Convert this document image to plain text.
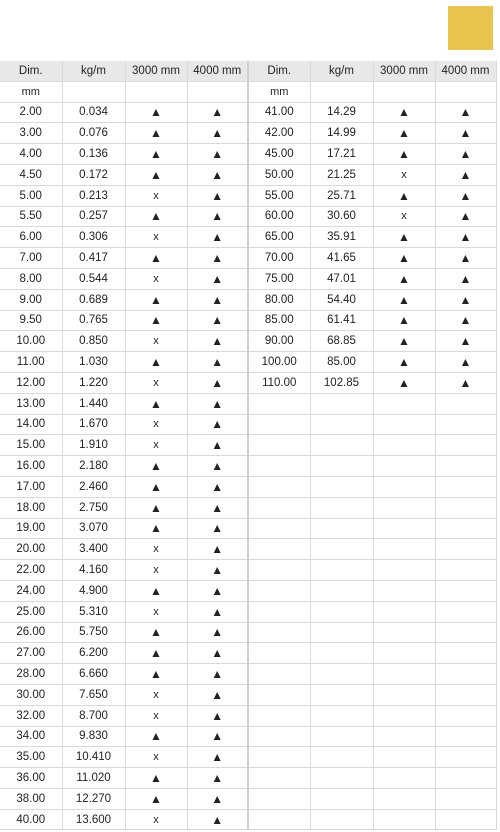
Dim.	kg/m	3000 mm	4000 mm	Dim.	kg/m	3000 mm	4000 mm
mm				mm			
2.00	0.034	▲	▲	41.00	14.29	▲	▲
3.00	0.076	▲	▲	42.00	14.99	▲	▲
4.00	0.136	▲	▲	45.00	17.21	▲	▲
4.50	0.172	▲	▲	50.00	21.25	x	▲
5.00	0.213	x	▲	55.00	25.71	▲	▲
5.50	0.257	▲	▲	60.00	30.60	x	▲
6.00	0.306	x	▲	65.00	35.91	▲	▲
7.00	0.417	▲	▲	70.00	41.65	▲	▲
8.00	0.544	x	▲	75.00	47.01	▲	▲
9.00	0.689	▲	▲	80.00	54.40	▲	▲
9.50	0.765	▲	▲	85.00	61.41	▲	▲
10.00	0.850	x	▲	90.00	68.85	▲	▲
11.00	1.030	▲	▲	100.00	85.00	▲	▲
12.00	1.220	x	▲	110.00	102.85	▲	▲
13.00	1.440	▲	▲				
14.00	1.670	x	▲				
15.00	1.910	x	▲				
16.00	2.180	▲	▲				
17.00	2.460	▲	▲				
18.00	2.750	▲	▲				
19.00	3.070	▲	▲				
20.00	3.400	x	▲				
22.00	4.160	x	▲				
24.00	4.900	▲	▲				
25.00	5.310	x	▲				
26.00	5.750	▲	▲				
27.00	6.200	▲	▲				
28.00	6.660	▲	▲				
30.00	7.650	x	▲				
32.00	8.700	x	▲				
34.00	9.830	▲	▲				
35.00	10.410	x	▲				
36.00	11.020	▲	▲				
38.00	12.270	▲	▲				
40.00	13.600	x	▲				
